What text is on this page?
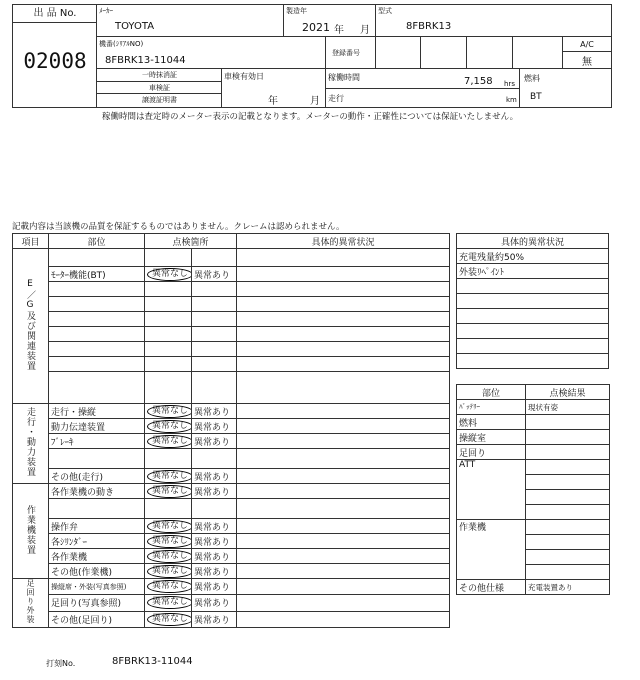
出 品 No.
02008
ﾒｰｶｰ
TOYOTA
製造年
2021 年 月
型式
8FBRK13
機番(ｼﾘｱﾙNO)
8FBRK13-11044
登録番号
A/C
無
一時抹消証
車検証
譲渡証明書
車検有効日
年	月
稼働時間	7,158 hrs
走行	km
燃料
BT
稼働時間は査定時のメーター表示の記載となります。メーターの動作・正確性については保証いたしません。
記載内容は当該機の品質を保証するものではありません。クレームは認められません。
項目	部位	点検箇所		具体的異常状況
E／G及び関連装置				
	ﾓｰﾀｰ機能(BT)	異常なし	異常あり	

走行・動力装置	走行・操縦	異常なし	異常あり	
	動力伝達装置	異常なし	異常あり	
	ﾌﾞﾚｰｷ	異常なし	異常あり	

	その他(走行)	異常なし	異常あり	
作業機装置	各作業機の動き	異常なし	異常あり	

	操作弁	異常なし	異常あり	
	各ｼﾘﾝﾀﾞｰ	異常なし	異常あり	
	各作業機	異常なし	異常あり	
	その他(作業機)	異常なし	異常あり	
足回り外装	操縦席・外装(写真参照)	異常なし	異常あり	
	足回り(写真参照)	異常なし	異常あり	
	その他(足回り)	異常なし	異常あり	
具体的異常状況
充電残量約50%
外装ﾘﾍﾟｲﾝﾄ

部位	点検結果
ﾊﾞｯﾃﾘｰ	現状有姿
燃料	
操縦室	
足回り	
ATT	

作業機	

その他仕様	充電装置あり
打刻No.	8FBRK13-11044
